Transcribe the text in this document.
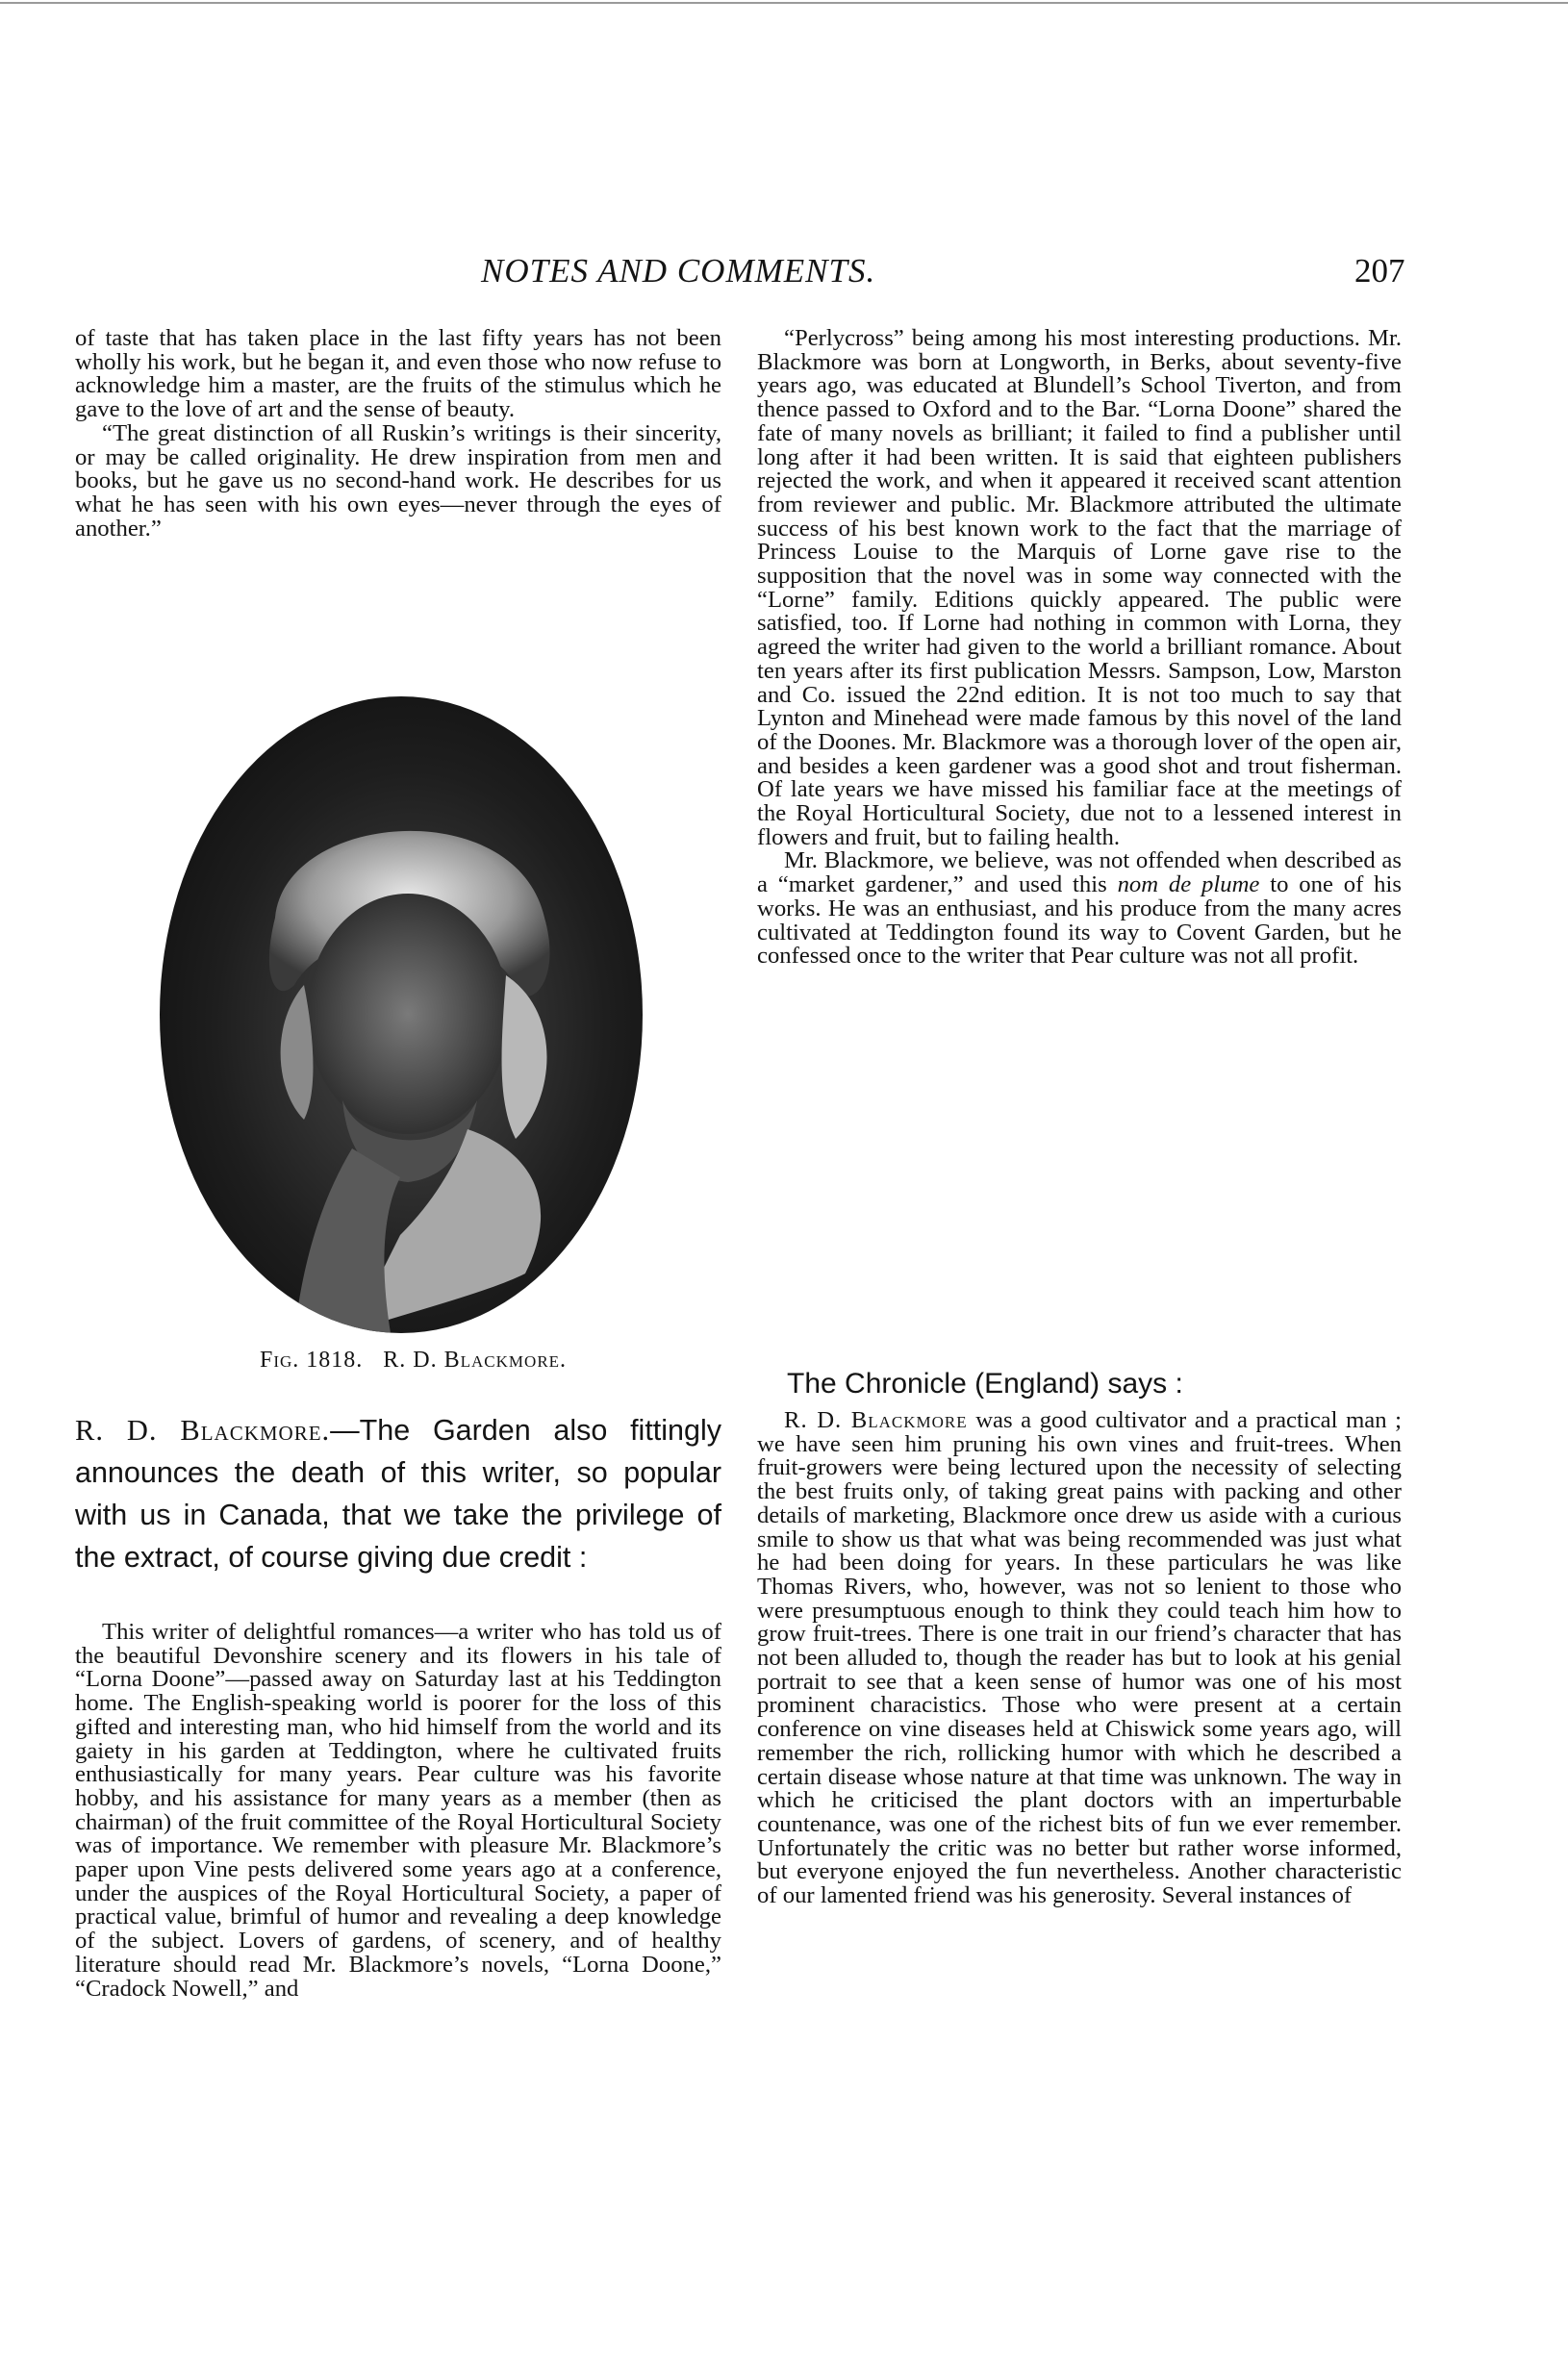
NOTES AND COMMENTS.	207

of taste that has taken place in the last fifty years has not been wholly his work, but he began it, and even those who now refuse to acknowledge him a master, are the fruits of the stimulus which he gave to the love of art and the sense of beauty.

“The great distinction of all Ruskin’s writings is their sincerity, or may be called originality. He drew inspiration from men and books, but he gave us no second-hand work. He describes for us what he has seen with his own eyes—never through the eyes of another.”

Fig. 1818. R. D. Blackmore.
R. D. Blackmore.—The Garden also fittingly announces the death of this writer, so popular with us in Canada, that we take the privilege of the extract, of course giving due credit :

This writer of delightful romances—a writer who has told us of the beautiful Devonshire scenery and its flowers in his tale of “Lorna Doone”—passed away on Saturday last at his Teddington home. The English-speaking world is poorer for the loss of this gifted and interesting man, who hid himself from the world and its gaiety in his garden at Teddington, where he cultivated fruits enthusiastically for many years. Pear culture was his favorite hobby, and his assistance for many years as a member (then as chairman) of the fruit committee of the Royal Horticultural Society was of importance. We remember with pleasure Mr. Blackmore’s paper upon Vine pests delivered some years ago at a conference, under the auspices of the Royal Horticultural Society, a paper of practical value, brimful of humor and revealing a deep knowledge of the subject. Lovers of gardens, of scenery, and of healthy literature should read Mr. Blackmore’s novels, “Lorna Doone,” “Cradock Nowell,” and

“Perlycross” being among his most interesting productions. Mr. Blackmore was born at Longworth, in Berks, about seventy-five years ago, was educated at Blundell’s School Tiverton, and from thence passed to Oxford and to the Bar. “Lorna Doone” shared the fate of many novels as brilliant; it failed to find a publisher until long after it had been written. It is said that eighteen publishers rejected the work, and when it appeared it received scant attention from reviewer and public. Mr. Blackmore attributed the ultimate success of his best known work to the fact that the marriage of Princess Louise to the Marquis of Lorne gave rise to the supposition that the novel was in some way connected with the “Lorne” family. Editions quickly appeared. The public were satisfied, too. If Lorne had nothing in common with Lorna, they agreed the writer had given to the world a brilliant romance. About ten years after its first publication Messrs. Sampson, Low, Marston and Co. issued the 22nd edition. It is not too much to say that Lynton and Minehead were made famous by this novel of the land of the Doones. Mr. Blackmore was a thorough lover of the open air, and besides a keen gardener was a good shot and trout fisherman. Of late years we have missed his familiar face at the meetings of the Royal Horticultural Society, due not to a lessened interest in flowers and fruit, but to failing health.

Mr. Blackmore, we believe, was not offended when described as a “market gardener,” and used this nom de plume to one of his works. He was an enthusiast, and his produce from the many acres cultivated at Teddington found its way to Covent Garden, but he confessed once to the writer that Pear culture was not all profit.

The Chronicle (England) says :

R. D. Blackmore was a good cultivator and a practical man ; we have seen him pruning his own vines and fruit-trees. When fruit-growers were being lectured upon the necessity of selecting the best fruits only, of taking great pains with packing and other details of marketing, Blackmore once drew us aside with a curious smile to show us that what was being recommended was just what he had been doing for years. In these particulars he was like Thomas Rivers, who, however, was not so lenient to those who were presumptuous enough to think they could teach him how to grow fruit-trees. There is one trait in our friend’s character that has not been alluded to, though the reader has but to look at his genial portrait to see that a keen sense of humor was one of his most prominent characistics. Those who were present at a certain conference on vine diseases held at Chiswick some years ago, will remember the rich, rollicking humor with which he described a certain disease whose nature at that time was unknown. The way in which he criticised the plant doctors with an imperturbable countenance, was one of the richest bits of fun we ever remember. Unfortunately the critic was no better but rather worse informed, but everyone enjoyed the fun nevertheless. Another characteristic of our lamented friend was his generosity. Several instances of
